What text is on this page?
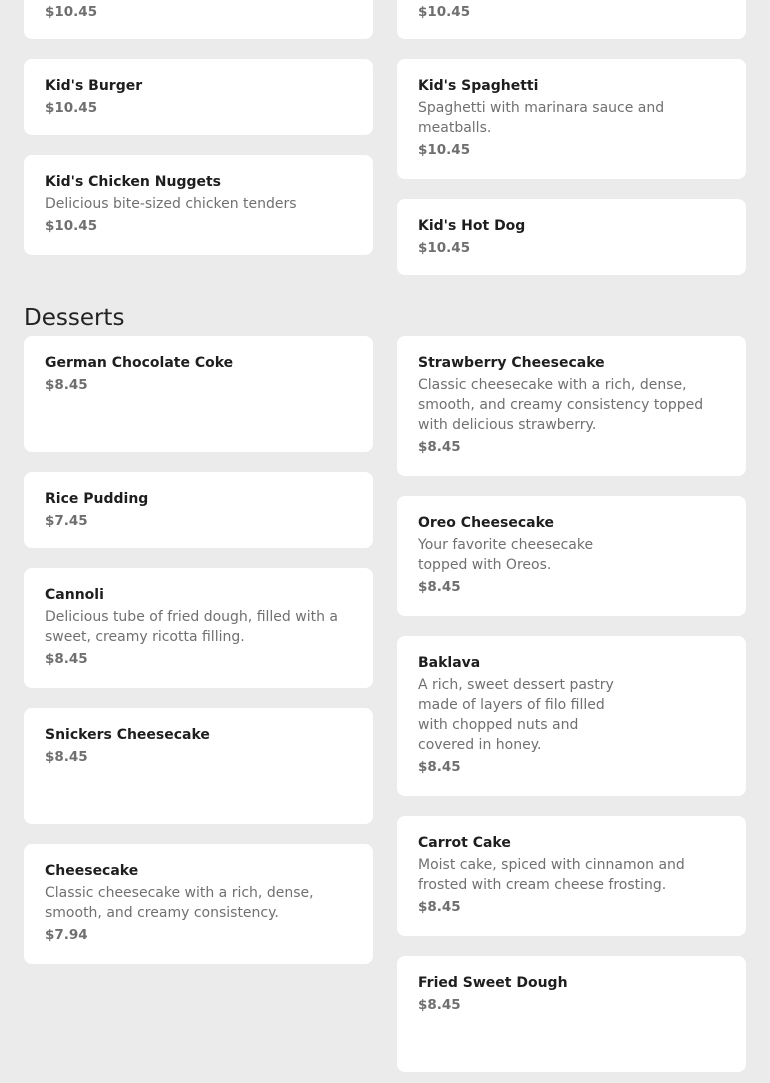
$10.45	$10.45
Kid's Burger
$10.45
Kid's Chicken Nuggets
Delicious bite-sized chicken tenders
$10.45
Kid's Spaghetti
Spaghetti with marinara sauce and meatballs.
$10.45
Kid's Hot Dog
$10.45
Desserts
German Chocolate Coke
$8.45
Rice Pudding
$7.45
Cannoli
Delicious tube of fried dough, filled with a sweet, creamy ricotta filling.
$8.45
Snickers Cheesecake
$8.45
Cheesecake
Classic cheesecake with a rich, dense, smooth, and creamy consistency.
$7.94
Strawberry Cheesecake
Classic cheesecake with a rich, dense, smooth, and creamy consistency topped with delicious strawberry.
$8.45
Oreo Cheesecake
Your favorite cheesecake topped with Oreos.
$8.45
Baklava
A rich, sweet dessert pastry made of layers of filo filled with chopped nuts and covered in honey.
$8.45
Carrot Cake
Moist cake, spiced with cinnamon and frosted with cream cheese frosting.
$8.45
Fried Sweet Dough
$8.45
